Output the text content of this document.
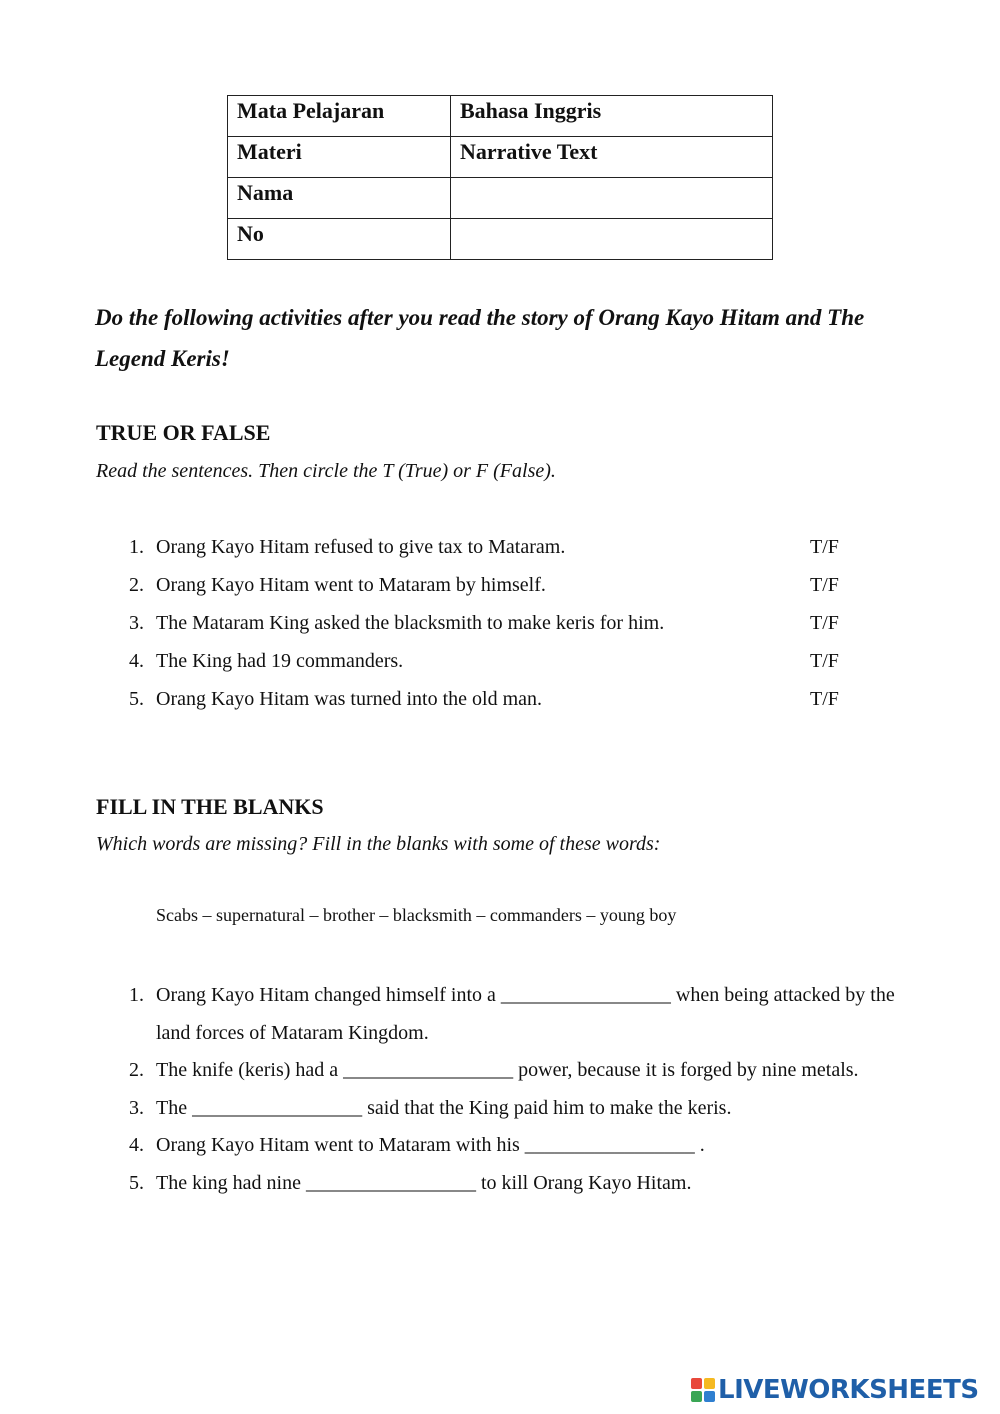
Mata Pelajaran	Bahasa Inggris
Materi	Narrative Text
Nama	
No	
Do the following activities after you read the story of Orang Kayo Hitam and The Legend Keris!
TRUE OR FALSE
Read the sentences. Then circle the T (True) or F (False).
1. Orang Kayo Hitam refused to give tax to Mataram.	T/F
2. Orang Kayo Hitam went to Mataram by himself.	T/F
3. The Mataram King asked the blacksmith to make keris for him.	T/F
4. The King had 19 commanders.	T/F
5. Orang Kayo Hitam was turned into the old man.	T/F
FILL IN THE BLANKS
Which words are missing? Fill in the blanks with some of these words:
Scabs – supernatural – brother – blacksmith – commanders – young boy
1. Orang Kayo Hitam changed himself into a _________________ when being attacked by the land forces of Mataram Kingdom.
2. The knife (keris) had a _________________ power, because it is forged by nine metals.
3. The _________________ said that the King paid him to make the keris.
4. Orang Kayo Hitam went to Mataram with his _________________ .
5. The king had nine _________________ to kill Orang Kayo Hitam.
LIVEWORKSHEETS
